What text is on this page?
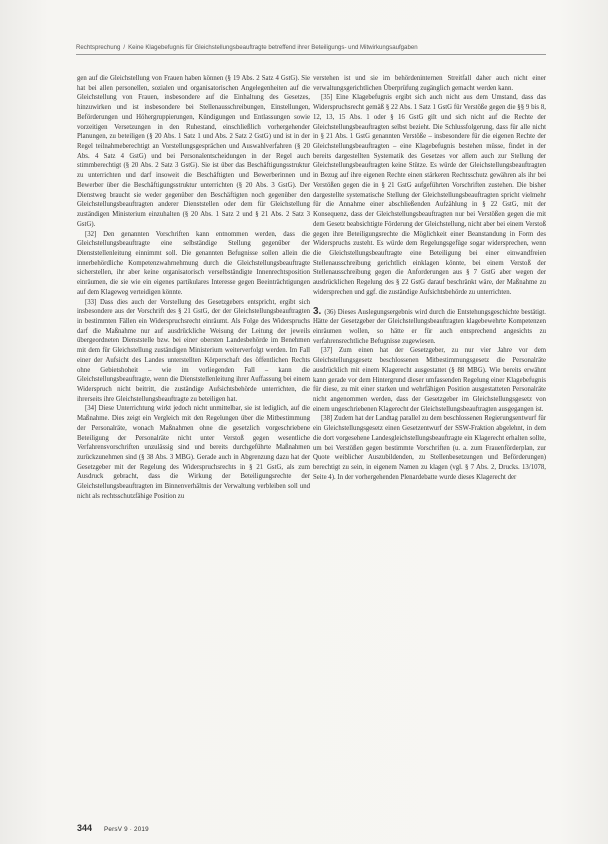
Rechtsprechung / Keine Klagebefugnis für Gleichstellungsbeauftragte betreffend ihrer Beteiligungs- und Mitwirkungsaufgaben

gen auf die Gleichstellung von Frauen haben können (§ 19 Abs. 2 Satz 4 GstG). Sie hat bei allen personellen, sozialen und organisatorischen Angelegenheiten auf die Gleichstellung von Frauen, insbesondere auf die Einhaltung des Gesetzes, hinzuwirken und ist insbesondere bei Stellenausschreibungen, Einstellungen, Beförderungen und Höhergruppierungen, Kündigungen und Entlassungen sowie vorzeitigen Versetzungen in den Ruhestand, einschließlich vorhergehender Planungen, zu beteiligen (§ 20 Abs. 1 Satz 1 und Abs. 2 Satz 2 GstG) und ist in der Regel teilnahmeberechtigt an Vorstellungsgesprächen und Auswahlverfahren (§ 20 Abs. 4 Satz 4 GstG) und bei Personalentscheidungen in der Regel auch stimmberechtigt (§ 20 Abs. 2 Satz 3 GstG). Sie ist über das Beschäftigungsstruktur zu unterrichten und darf insoweit die Beschäftigten und Bewerberinnen und Bewerber über die Beschäftigungsstruktur unterrichten (§ 20 Abs. 3 GstG). Der Dienstweg braucht sie weder gegenüber den Beschäftigten noch gegenüber den Gleichstellungsbeauftragten anderer Dienststellen oder dem für Gleichstellung zuständigen Ministerium einzuhalten (§ 20 Abs. 1 Satz 2 und § 21 Abs. 2 Satz 3 GstG).

[32] Den genannten Vorschriften kann entnommen werden, dass die Gleichstellungsbeauftragte eine selbständige Stellung gegenüber der Dienststellenleitung einnimmt soll. Die genannten Befugnisse sollen allein die innerbehördliche Kompetenzwahrnehmung durch die Gleichstellungsbeauftragte sicherstellen, ihr aber keine organisatorisch verselbständigte Innenrechtsposition einräumen, die sie wie ein eigenes partikulares Interesse gegen Beeinträchtigungen auf dem Klageweg verteidigen könnte.

[33] Dass dies auch der Vorstellung des Gesetzgebers entspricht, ergibt sich insbesondere aus der Vorschrift des § 21 GstG, der der Gleichstellungsbeauftragten in bestimmten Fällen ein Widerspruchsrecht einräumt. Als Folge des Widerspruchs darf die Maßnahme nur auf ausdrückliche Weisung der Leitung der jeweils übergeordneten Dienststelle bzw. bei einer obersten Landesbehörde im Benehmen mit dem für Gleichstellung zuständigen Ministerium weiterverfolgt werden. Im Fall einer der Aufsicht des Landes unterstellten Körperschaft des öffentlichen Rechts ohne Gebietshoheit – wie im vorliegenden Fall – kann die Gleichstellungsbeauftragte, wenn die Dienststellenleitung ihrer Auffassung bei einem Widerspruch nicht beitritt, die zuständige Aufsichtsbehörde unterrichten, die ihrerseits ihre Gleichstellungsbeauftragte zu beteiligen hat.

[34] Diese Unterrichtung wirkt jedoch nicht unmittelbar, sie ist lediglich, auf die Maßnahme. Dies zeigt ein Vergleich mit den Regelungen über die Mitbestimmung der Personalräte, wonach Maßnahmen ohne die gesetzlich vorgeschriebene Beteiligung der Personalräte nicht unter Verstoß gegen wesentliche Verfahrensvorschriften unzulässig sind und bereits durchgeführte Maßnahmen zurückzunehmen sind (§ 38 Abs. 3 MBG). Gerade auch in Abgrenzung dazu hat der Gesetzgeber mit der Regelung des Widerspruchsrechts in § 21 GstG, als zum Ausdruck gebracht, dass die Wirkung der Beteiligungsrechte der Gleichstellungsbeauftragten im Binnenverhältnis der Verwaltung verbleiben soll und nicht als rechtsschutzfähige Position zu

verstehen ist und sie im behördeninternen Streitfall daher auch nicht einer verwaltungsgerichtlichen Überprüfung zugänglich gemacht werden kann.

[35] Eine Klagebefugnis ergibt sich auch nicht aus dem Umstand, dass das Widerspruchsrecht gemäß § 22 Abs. 1 Satz 1 GstG für Verstöße gegen die §§ 9 bis 8, 12, 13, 15 Abs. 1 oder § 16 GstG gilt und sich nicht auf die Rechte der Gleichstellungsbeauftragten selbst bezieht. Die Schlussfolgerung, dass für alle nicht in § 21 Abs. 1 GstG genannten Verstöße – insbesondere für die eigenen Rechte der Gleichstellungsbeauftragten – eine Klagebefugnis bestehen müsse, findet in der bereits dargestellten Systematik des Gesetzes vor allem auch zur Stellung der Gleichstellungsbeauftragten keine Stütze. Es würde der Gleichstellungsbeauftragten in Bezug auf ihre eigenen Rechte einen stärkeren Rechtsschutz gewähren als ihr bei Verstößen gegen die in § 21 GstG aufgeführten Vorschriften zustehen. Die bisher dargestellte systematische Stellung der Gleichstellungsbeauftragten spricht vielmehr für die Annahme einer abschließenden Aufzählung in § 22 GstG, mit der Konsequenz, dass der Gleichstellungsbeauftragten nur bei Verstößen gegen die mit dem Gesetz beabsichtigte Förderung der Gleichstellung, nicht aber bei einem Verstoß gegen ihre Beteiligungsrechte die Möglichkeit einer Beanstandung in Form des Widerspruchs zusteht. Es würde dem Regelungsgefüge sogar widersprechen, wenn die Gleichstellungsbeauftragte eine Beteiligung bei einer einwandfreien Stellenausschreibung gerichtlich einklagen könnte, bei einem Verstoß der Stellenausschreibung gegen die Anforderungen aus § 7 GstG aber wegen der ausdrücklichen Regelung des § 22 GstG darauf beschränkt wäre, der Maßnahme zu widersprechen und ggf. die zuständige Aufsichtsbehörde zu unterrichten.

3. (36) Dieses Auslegungsergebnis wird durch die Entstehungsgeschichte bestätigt. Hätte der Gesetzgeber der Gleichstellungsbeauftragten klagebewehrte Kompetenzen einräumen wollen, so hätte er für auch entsprechend angesichts zu verfahrensrechtliche Befugnisse zugewiesen.

[37] Zum einen hat der Gesetzgeber, zu nur vier Jahre vor dem Gleichstellungsgesetz beschlossenen Mitbestimmungsgesetz die Personalräte ausdrücklich mit einem Klagerecht ausgestattet (§ 88 MBG). Wie bereits erwähnt kann gerade vor dem Hintergrund dieser umfassenden Regelung einer Klagebefugnis für diese, zu mit einer starken und wehrfähigen Position ausgestatteten Personalräte nicht angenommen werden, dass der Gesetzgeber im Gleichstellungsgesetz von einem ungeschriebenen Klagerecht der Gleichstellungsbeauftragten ausgegangen ist.

[38] Zudem hat der Landtag parallel zu dem beschlossenen Regierungsentwurf für ein Gleichstellungsgesetz einen Gesetzentwurf der SSW-Fraktion abgelehnt, in dem die dort vorgesehene Landesgleichstellungsbeauftragte ein Klagerecht erhalten sollte, um bei Verstößen gegen bestimmte Vorschriften (u. a. zum Frauenförderplan, zur Quote weiblicher Auszubildenden, zu Stellenbesetzungen und Beförderungen) berechtigt zu sein, in eigenem Namen zu klagen (vgl. § 7 Abs. 2, Drucks. 13/1078, Seite 4). In der vorhergehenden Plenardebatte wurde dieses Klagerecht der

344 PersV 9 · 2019
